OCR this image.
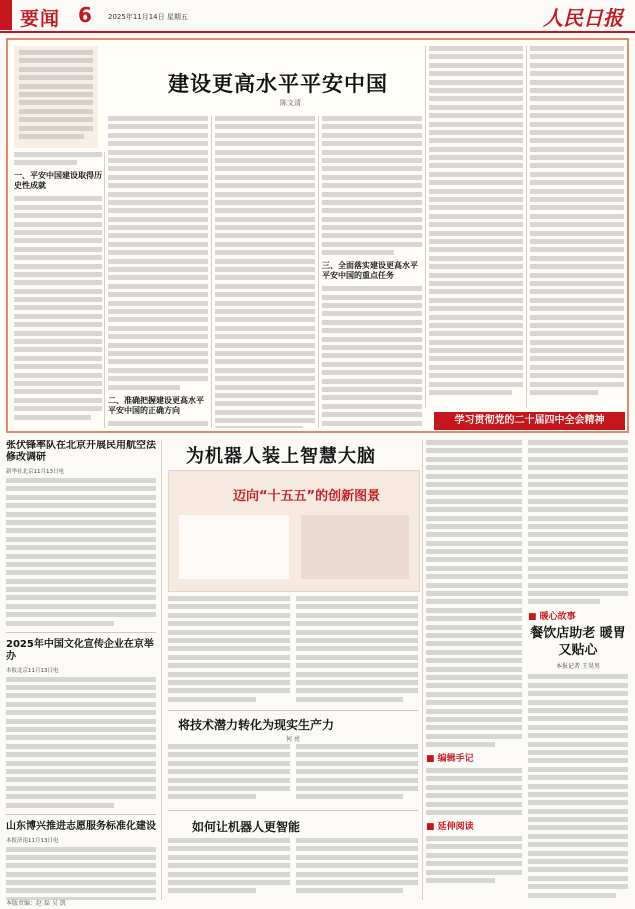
要闻 6 2025年11月14日 星期五	人民日报
建设更高水平平安中国
陈文清
一、平安中国建设取得历史性成就
二、准确把握建设更高水平平安中国的正确方向
三、全面落实建设更高水平平安中国的重点任务
学习贯彻党的二十届四中全会精神
张伏锋率队在北京开展民用航空法修改调研
新华社北京11月13日电
2025年中国文化宣传企业在京举办
本报北京11月13日电
山东博兴推进志愿服务标准化建设
本报济南11月13日电
为机器人装上智慧大脑
迈向“十五五”的创新图景
将技术潜力转化为现实生产力
何 亮
如何让机器人更智能
■ 编辑手记
■ 延伸阅读
■ 暖心故事
餐饮店助老 暖胃又贴心
本报记者 王昊男
本版责编：赵 磊 吴 凯
